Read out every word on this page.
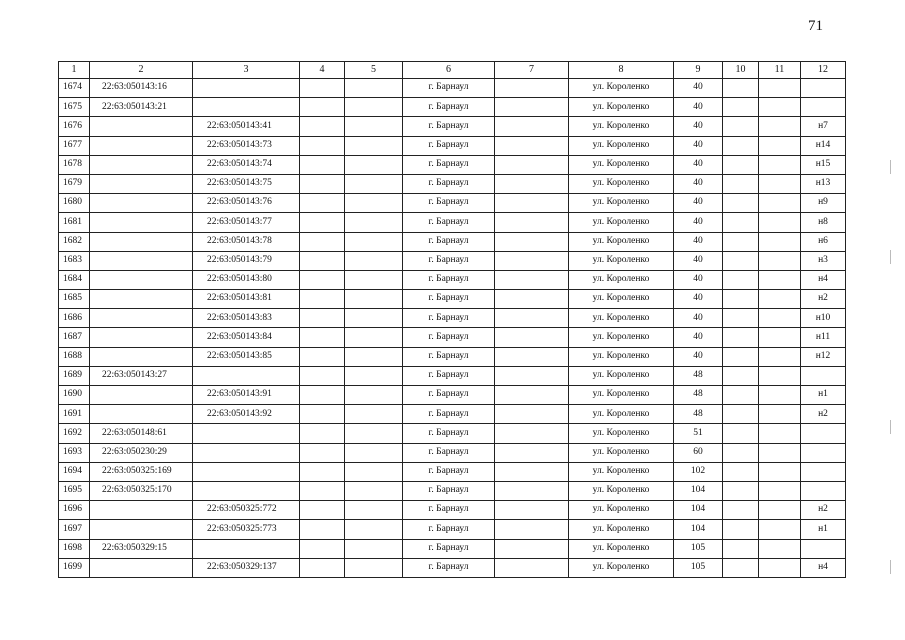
71
1	2	3	4	5	6	7	8	9	10	11	12
1674	22:63:050143:16				г. Барнаул		ул. Короленко	40			
1675	22:63:050143:21				г. Барнаул		ул. Короленко	40			
1676		22:63:050143:41			г. Барнаул		ул. Короленко	40			н7
1677		22:63:050143:73			г. Барнаул		ул. Короленко	40			н14
1678		22:63:050143:74			г. Барнаул		ул. Короленко	40			н15
1679		22:63:050143:75			г. Барнаул		ул. Короленко	40			н13
1680		22:63:050143:76			г. Барнаул		ул. Короленко	40			н9
1681		22:63:050143:77			г. Барнаул		ул. Короленко	40			н8
1682		22:63:050143:78			г. Барнаул		ул. Короленко	40			н6
1683		22:63:050143:79			г. Барнаул		ул. Короленко	40			н3
1684		22:63:050143:80			г. Барнаул		ул. Короленко	40			н4
1685		22:63:050143:81			г. Барнаул		ул. Короленко	40			н2
1686		22:63:050143:83			г. Барнаул		ул. Короленко	40			н10
1687		22:63:050143:84			г. Барнаул		ул. Короленко	40			н11
1688		22:63:050143:85			г. Барнаул		ул. Короленко	40			н12
1689	22:63:050143:27				г. Барнаул		ул. Короленко	48			
1690		22:63:050143:91			г. Барнаул		ул. Короленко	48			н1
1691		22:63:050143:92			г. Барнаул		ул. Короленко	48			н2
1692	22:63:050148:61				г. Барнаул		ул. Короленко	51			
1693	22:63:050230:29				г. Барнаул		ул. Короленко	60			
1694	22:63:050325:169				г. Барнаул		ул. Короленко	102			
1695	22:63:050325:170				г. Барнаул		ул. Короленко	104			
1696		22:63:050325:772			г. Барнаул		ул. Короленко	104			н2
1697		22:63:050325:773			г. Барнаул		ул. Короленко	104			н1
1698	22:63:050329:15				г. Барнаул		ул. Короленко	105			
1699		22:63:050329:137			г. Барнаул		ул. Короленко	105			н4
